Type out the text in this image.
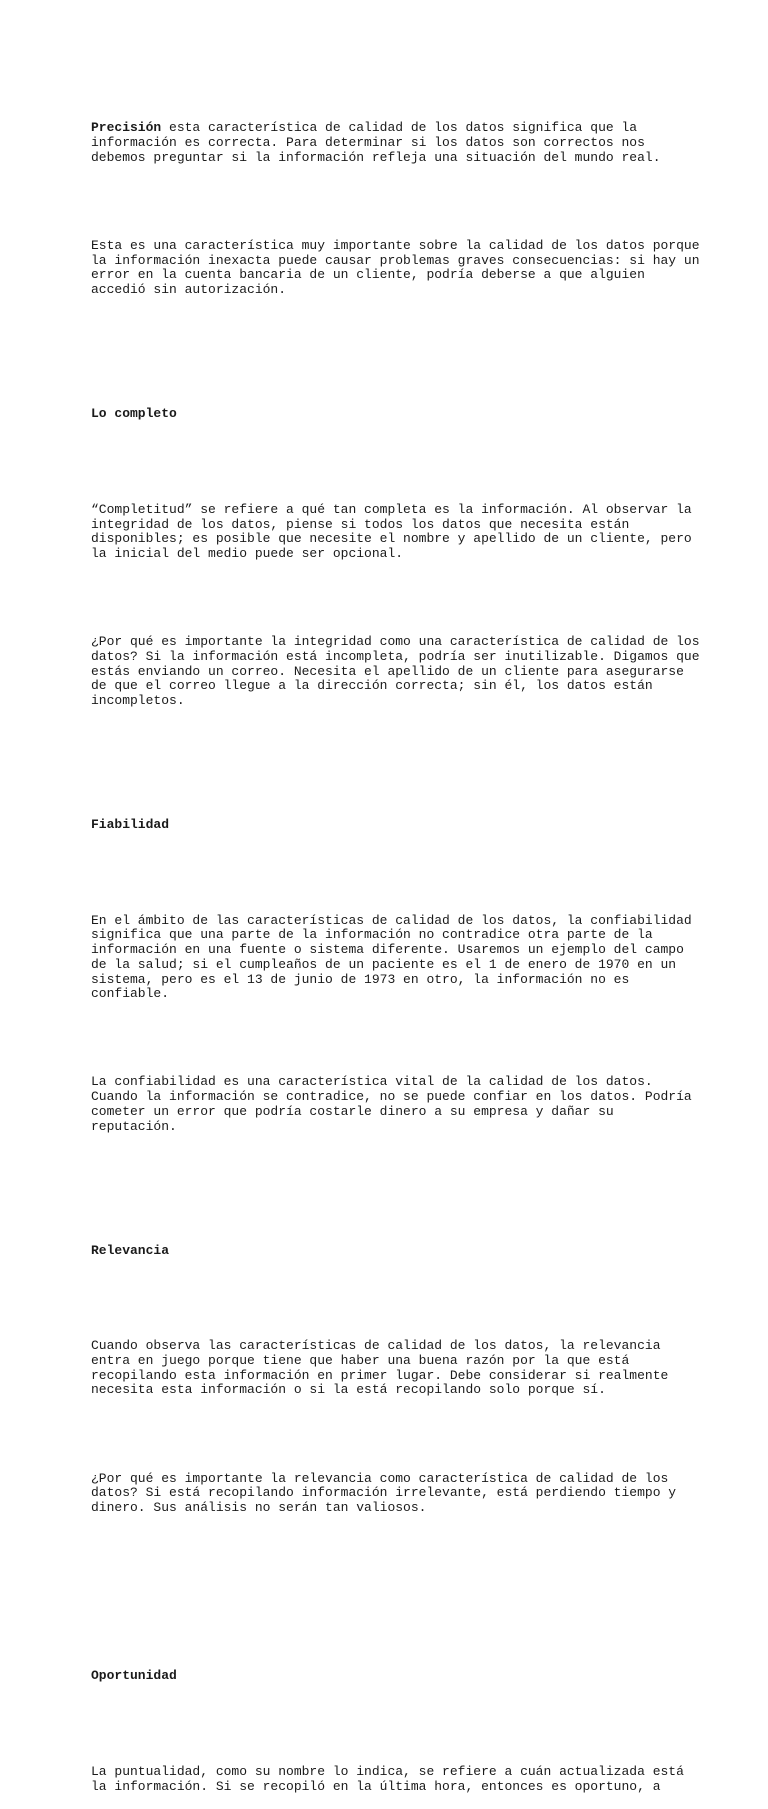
Precisión esta característica de calidad de los datos significa que la
información es correcta. Para determinar si los datos son correctos nos
debemos preguntar si la información refleja una situación del mundo real.

Esta es una característica muy importante sobre la calidad de los datos porque
la información inexacta puede causar problemas graves consecuencias: si hay un
error en la cuenta bancaria de un cliente, podría deberse a que alguien
accedió sin autorización.

Lo completo

“Completitud” se refiere a qué tan completa es la información. Al observar la
integridad de los datos, piense si todos los datos que necesita están
disponibles; es posible que necesite el nombre y apellido de un cliente, pero
la inicial del medio puede ser opcional.

¿Por qué es importante la integridad como una característica de calidad de los
datos? Si la información está incompleta, podría ser inutilizable. Digamos que
estás enviando un correo. Necesita el apellido de un cliente para asegurarse
de que el correo llegue a la dirección correcta; sin él, los datos están
incompletos.

Fiabilidad

En el ámbito de las características de calidad de los datos, la confiabilidad
significa que una parte de la información no contradice otra parte de la
información en una fuente o sistema diferente. Usaremos un ejemplo del campo
de la salud; si el cumpleaños de un paciente es el 1 de enero de 1970 en un
sistema, pero es el 13 de junio de 1973 en otro, la información no es
confiable.

La confiabilidad es una característica vital de la calidad de los datos.
Cuando la información se contradice, no se puede confiar en los datos. Podría
cometer un error que podría costarle dinero a su empresa y dañar su
reputación.

Relevancia

Cuando observa las características de calidad de los datos, la relevancia
entra en juego porque tiene que haber una buena razón por la que está
recopilando esta información en primer lugar. Debe considerar si realmente
necesita esta información o si la está recopilando solo porque sí.

¿Por qué es importante la relevancia como característica de calidad de los
datos? Si está recopilando información irrelevante, está perdiendo tiempo y
dinero. Sus análisis no serán tan valiosos.

Oportunidad

La puntualidad, como su nombre lo indica, se refiere a cuán actualizada está
la información. Si se recopiló en la última hora, entonces es oportuno, a
